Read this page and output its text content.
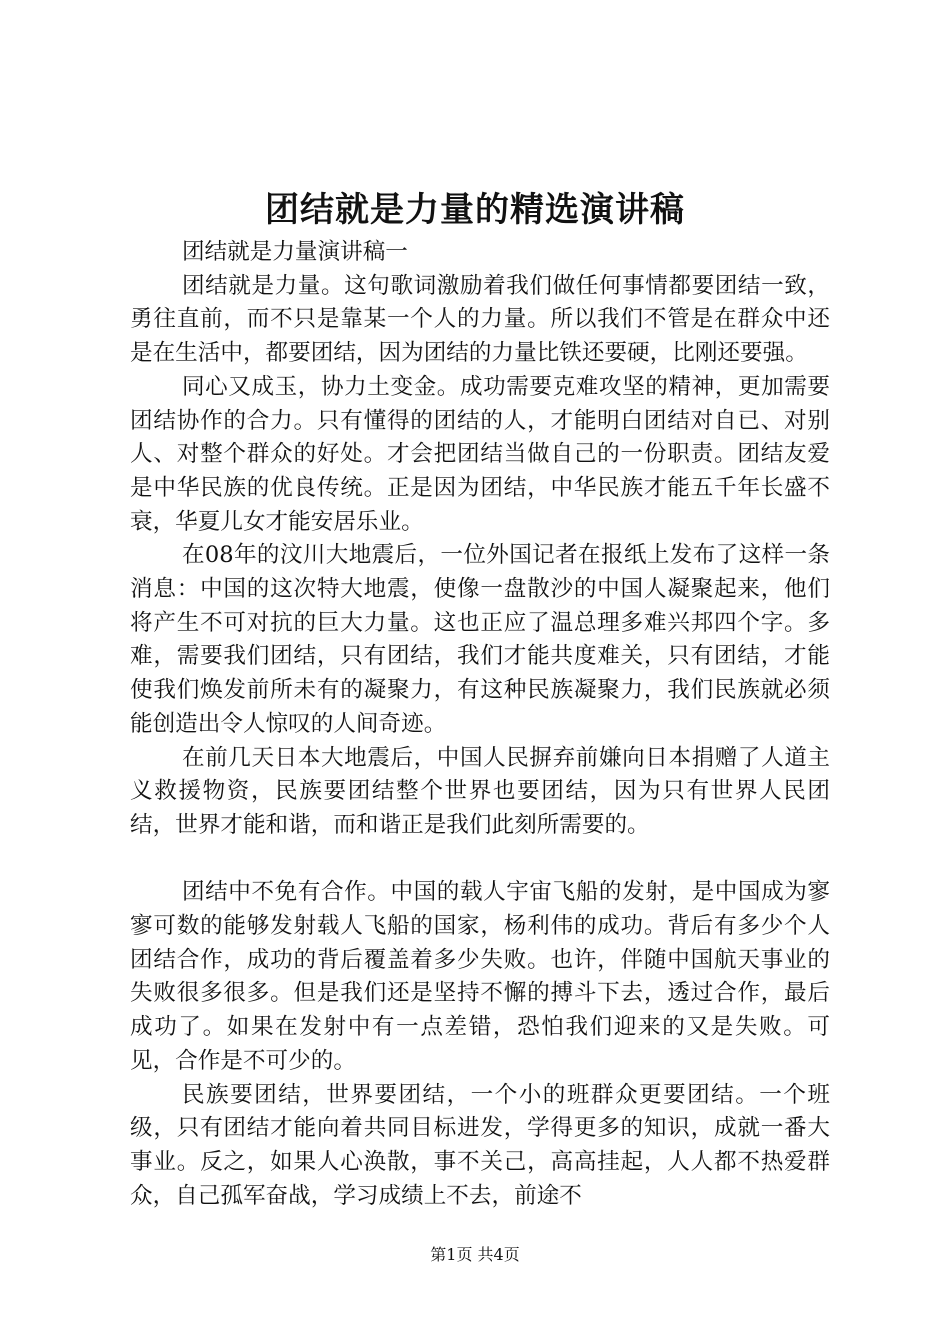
团结就是力量的精选演讲稿

团结就是力量演讲稿一

团结就是力量。这句歌词激励着我们做任何事情都要团结一致，勇往直前，而不只是靠某一个人的力量。所以我们不管是在群众中还是在生活中，都要团结，因为团结的力量比铁还要硬，比刚还要强。

同心又成玉，协力土变金。成功需要克难攻坚的精神，更加需要团结协作的合力。只有懂得的团结的人，才能明白团结对自已、对别人、对整个群众的好处。才会把团结当做自己的一份职责。团结友爱是中华民族的优良传统。正是因为团结，中华民族才能五千年长盛不衰，华夏儿女才能安居乐业。

在08年的汶川大地震后，一位外国记者在报纸上发布了这样一条消息：中国的这次特大地震，使像一盘散沙的中国人凝聚起来，他们将产生不可对抗的巨大力量。这也正应了温总理多难兴邦四个字。多难，需要我们团结，只有团结，我们才能共度难关，只有团结，才能使我们焕发前所未有的凝聚力，有这种民族凝聚力，我们民族就必须能创造出令人惊叹的人间奇迹。

在前几天日本大地震后，中国人民摒弃前嫌向日本捐赠了人道主义救援物资，民族要团结整个世界也要团结，因为只有世界人民团结，世界才能和谐，而和谐正是我们此刻所需要的。

团结中不免有合作。中国的载人宇宙飞船的发射，是中国成为寥寥可数的能够发射载人飞船的国家，杨利伟的成功。背后有多少个人团结合作，成功的背后覆盖着多少失败。也许，伴随中国航天事业的失败很多很多。但是我们还是坚持不懈的搏斗下去，透过合作，最后成功了。如果在发射中有一点差错，恐怕我们迎来的又是失败。可见，合作是不可少的。

民族要团结，世界要团结，一个小的班群众更要团结。一个班级，只有团结才能向着共同目标进发，学得更多的知识，成就一番大事业。反之，如果人心涣散，事不关己，高高挂起，人人都不热爱群众，自己孤军奋战，学习成绩上不去，前途不

第1页 共4页
